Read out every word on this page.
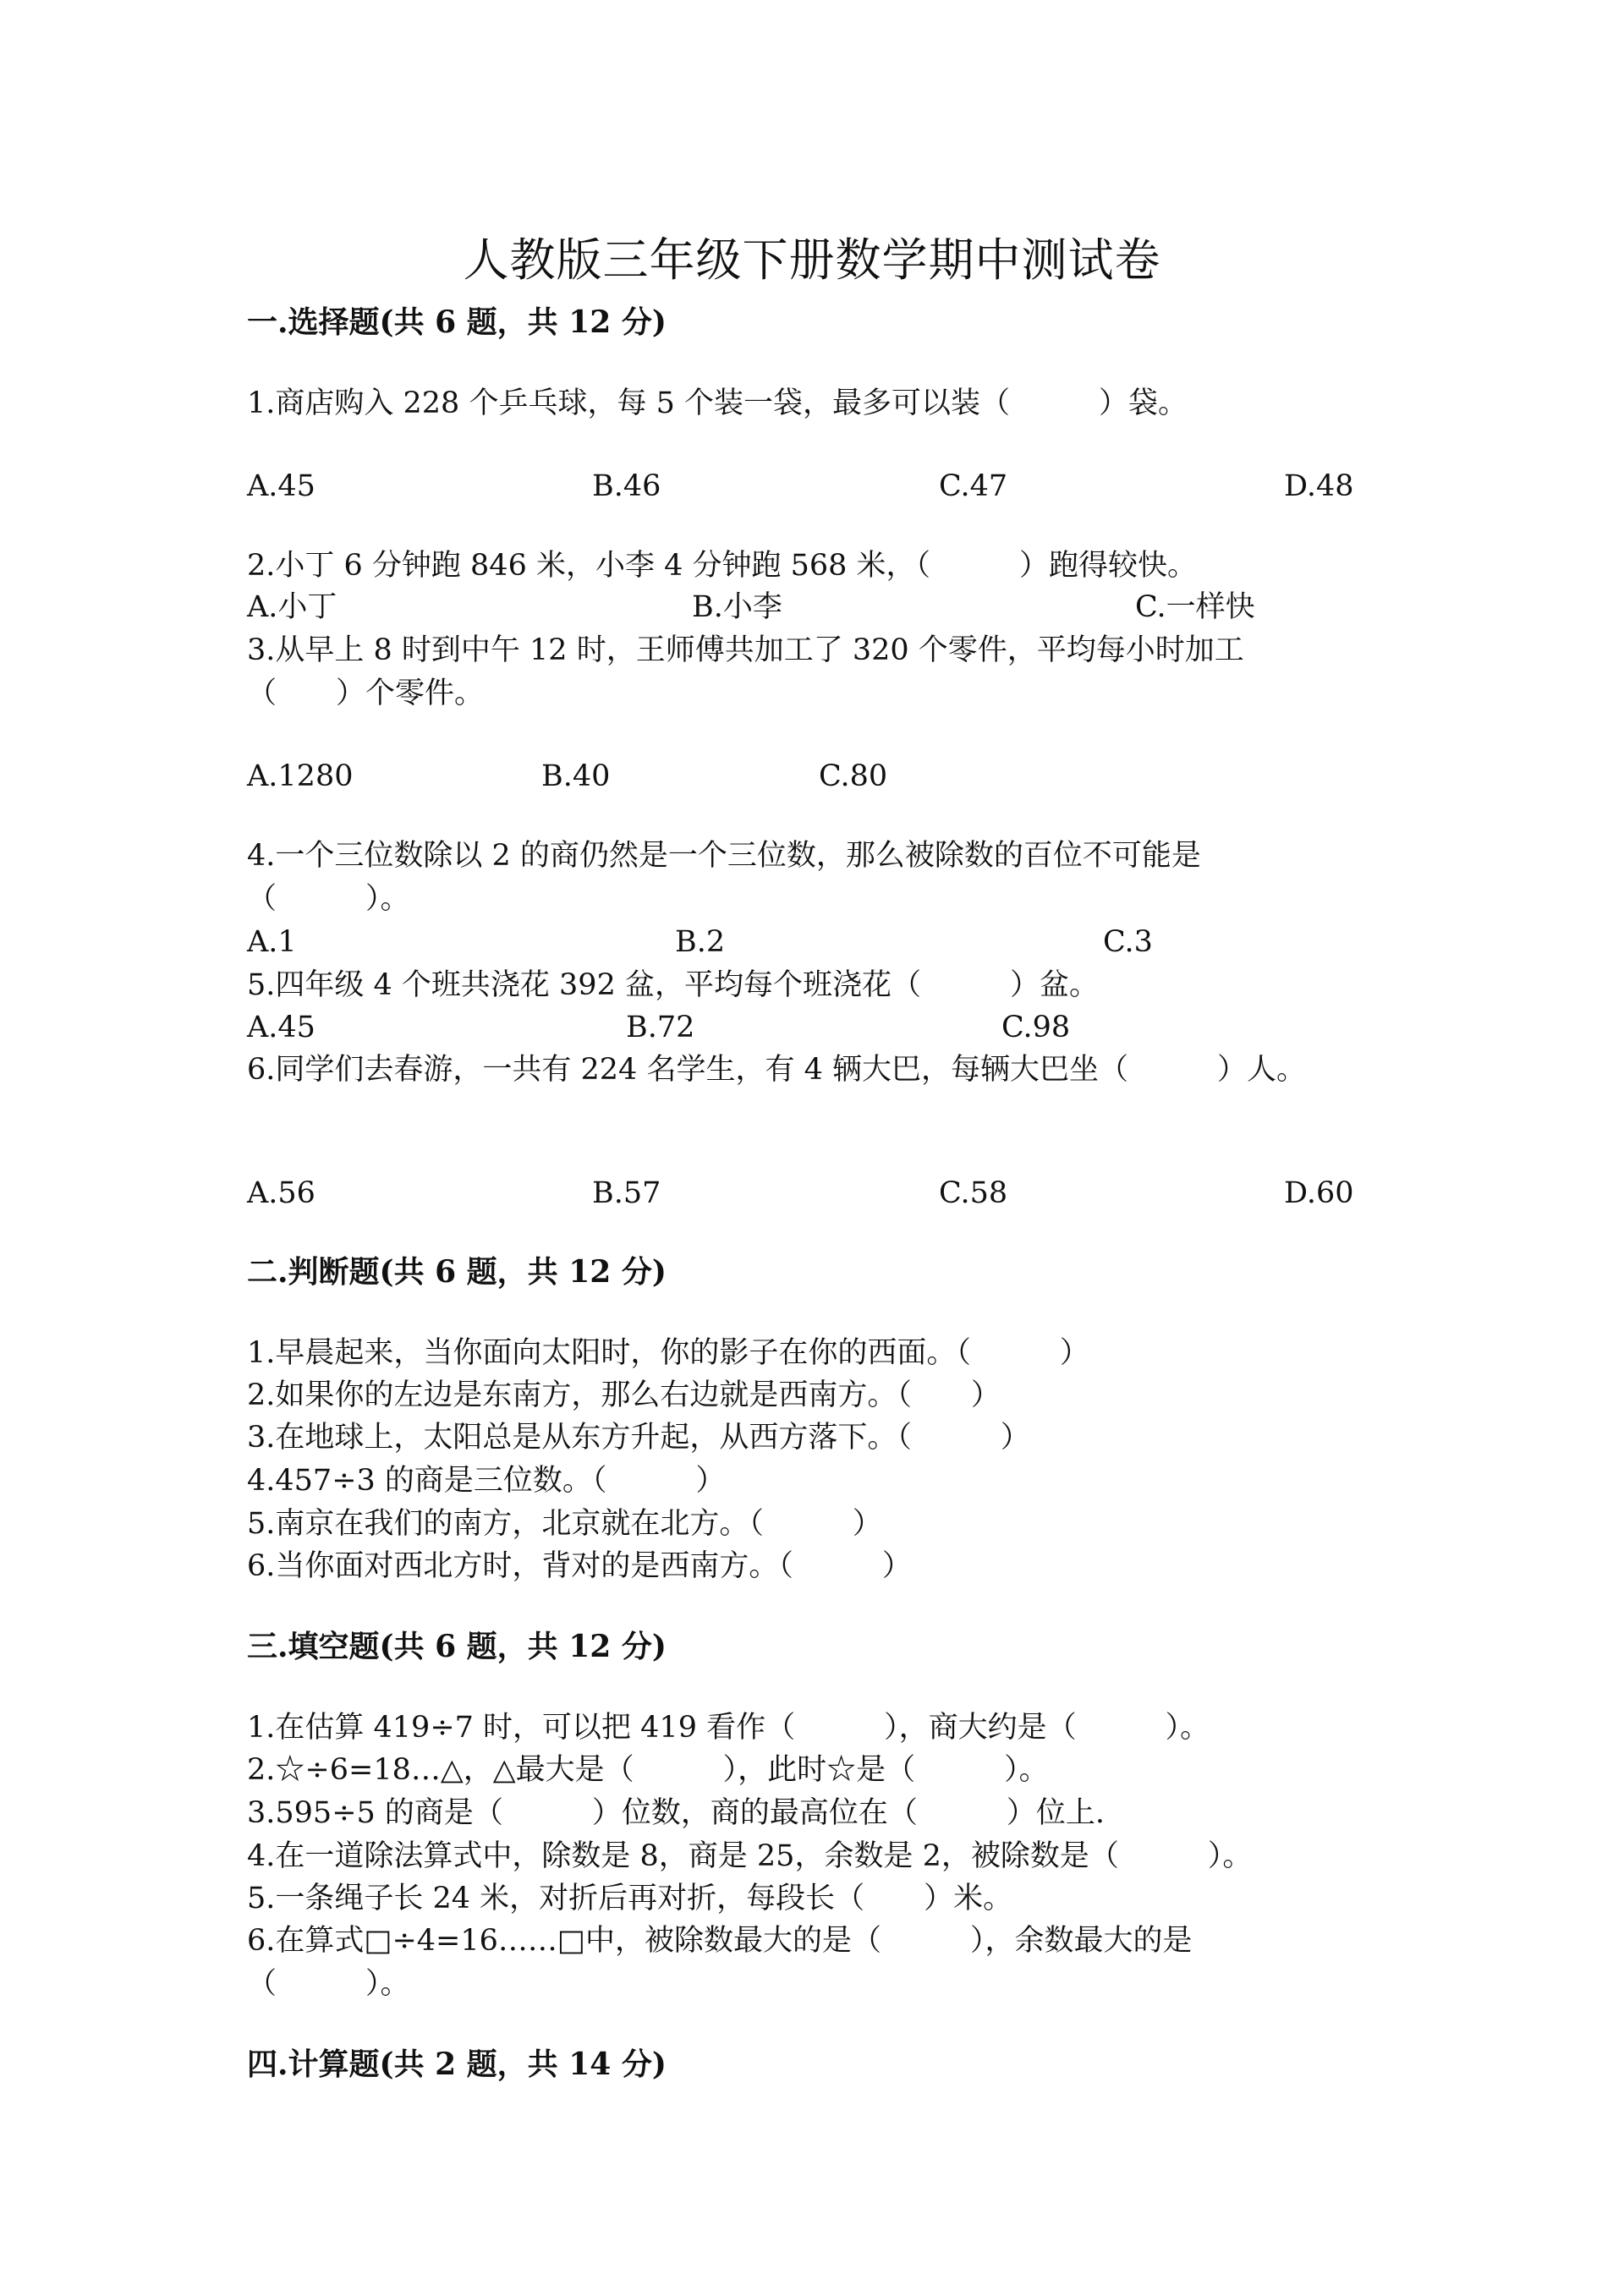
人教版三年级下册数学期中测试卷
一.选择题(共 6 题，共 12 分)
1.商店购入 228 个乒乓球，每 5 个装一袋，最多可以装（　　　）袋。
A.45	B.46	C.47	D.48
2.小丁 6 分钟跑 846 米，小李 4 分钟跑 568 米，（　　　）跑得较快。
A.小丁	B.小李	C.一样快
3.从早上 8 时到中午 12 时，王师傅共加工了 320 个零件，平均每小时加工
（　　）个零件。
A.1280	B.40	C.80
4.一个三位数除以 2 的商仍然是一个三位数，那么被除数的百位不可能是
（　　　）。
A.1	B.2	C.3
5.四年级 4 个班共浇花 392 盆，平均每个班浇花（　　　）盆。
A.45	B.72	C.98
6.同学们去春游，一共有 224 名学生，有 4 辆大巴，每辆大巴坐（　　　）人。
A.56	B.57	C.58	D.60
二.判断题(共 6 题，共 12 分)
1.早晨起来，当你面向太阳时，你的影子在你的西面。（　　　）
2.如果你的左边是东南方，那么右边就是西南方。（　　）
3.在地球上，太阳总是从东方升起，从西方落下。（　　　）
4.457÷3 的商是三位数。（　　　）
5.南京在我们的南方，北京就在北方。（　　　）
6.当你面对西北方时，背对的是西南方。（　　　）
三.填空题(共 6 题，共 12 分)
1.在估算 419÷7 时，可以把 419 看作（　　　），商大约是（　　　）。
2.☆÷6=18…△，△最大是（　　　），此时☆是（　　　）。
3.595÷5 的商是（　　　）位数，商的最高位在（　　　）位上.
4.在一道除法算式中，除数是 8，商是 25，余数是 2，被除数是（　　　）。
5.一条绳子长 24 米，对折后再对折，每段长（　　）米。
6.在算式□÷4=16……□中，被除数最大的是（　　　），余数最大的是
（　　　）。
四.计算题(共 2 题，共 14 分)
